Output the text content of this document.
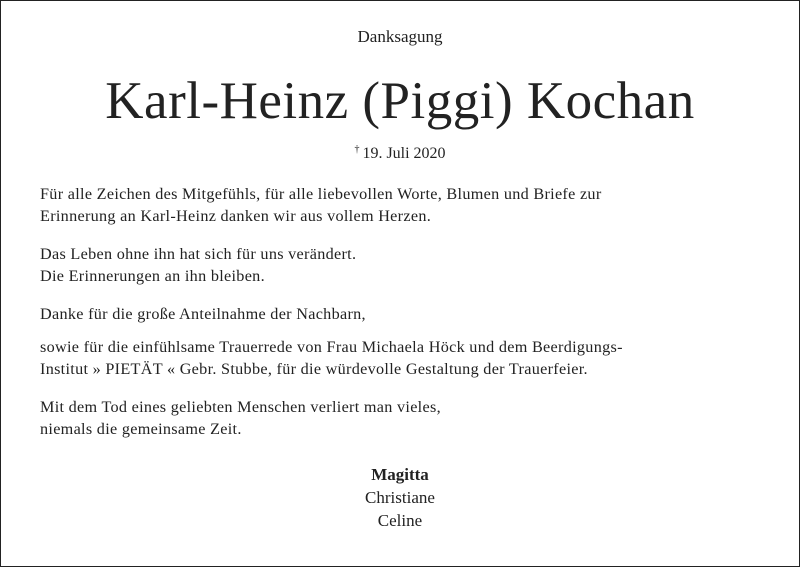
Danksagung
Karl-Heinz (Piggi) Kochan
† 19. Juli 2020
Für alle Zeichen des Mitgefühls, für alle liebevollen Worte, Blumen und Briefe zur
Erinnerung an Karl-Heinz danken wir aus vollem Herzen.
Das Leben ohne ihn hat sich für uns verändert.
Die Erinnerungen an ihn bleiben.
Danke für die große Anteilnahme der Nachbarn,
sowie für die einfühlsame Trauerrede von Frau Michaela Höck und dem Beerdigungs-
Institut » PIETÄT « Gebr. Stubbe, für die würdevolle Gestaltung der Trauerfeier.
Mit dem Tod eines geliebten Menschen verliert man vieles,
niemals die gemeinsame Zeit.
Magitta
Christiane
Celine
